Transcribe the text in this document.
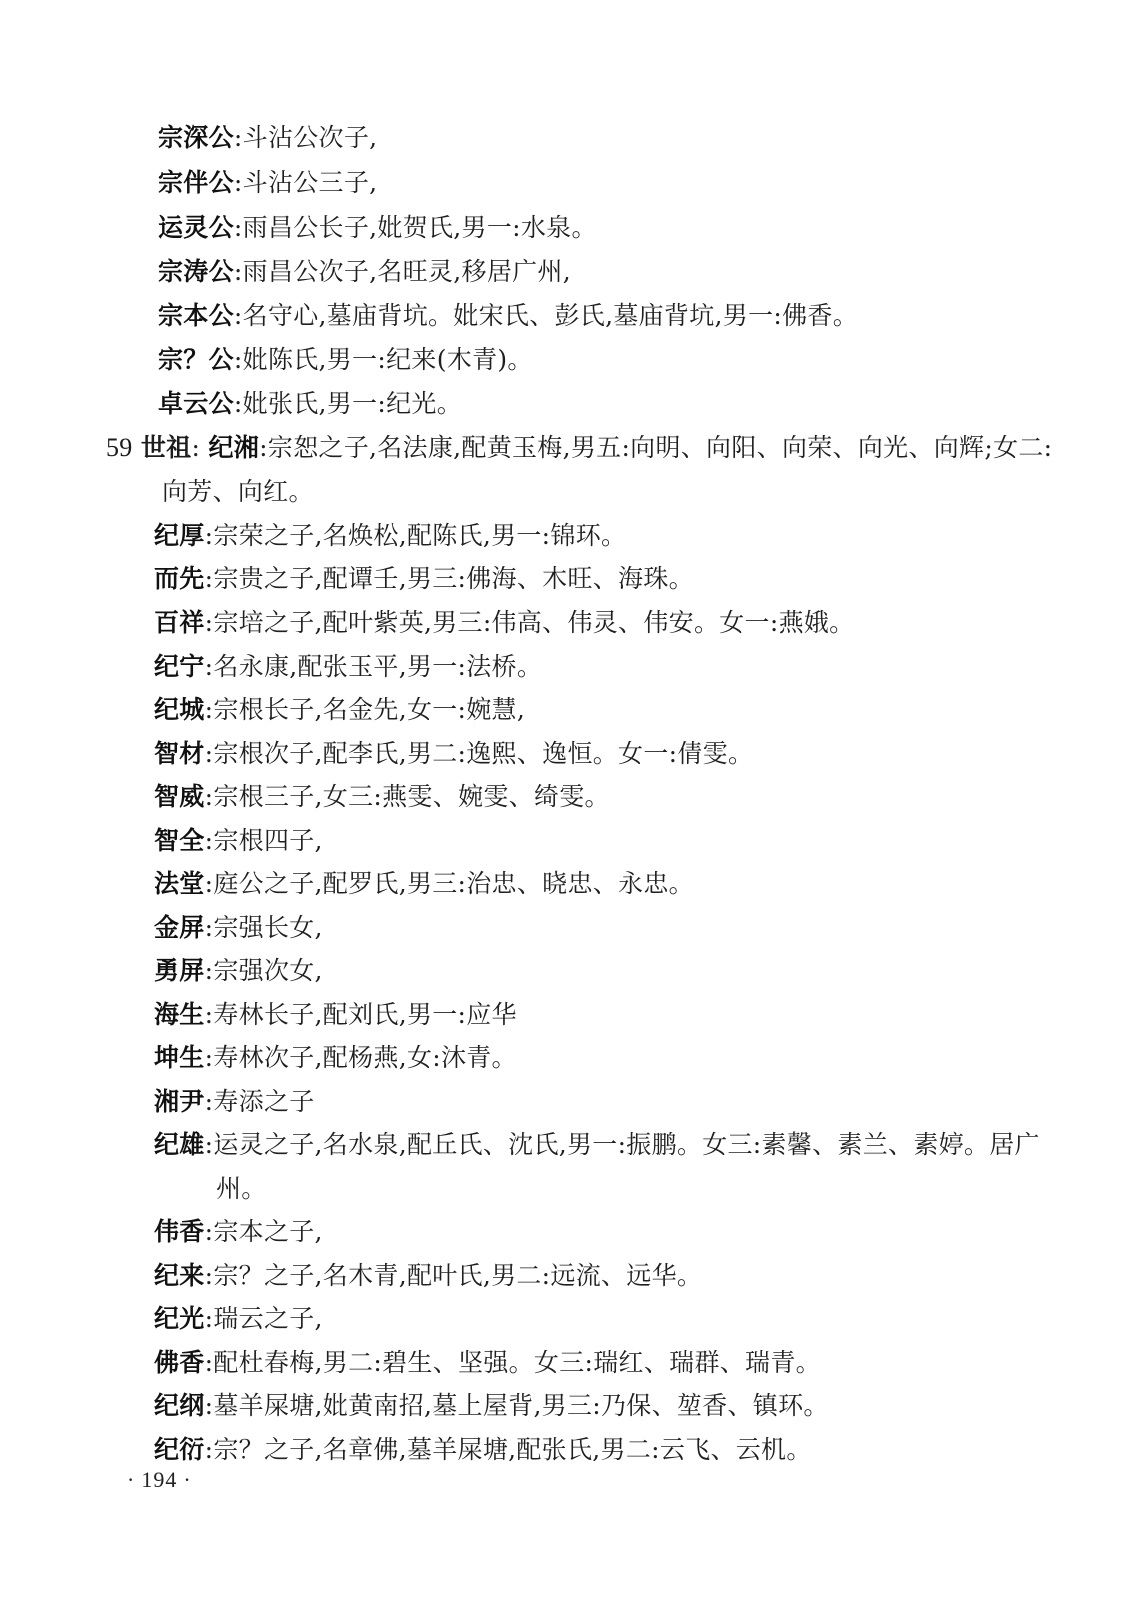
宗深公:斗沾公次子,
宗伴公:斗沾公三子,
运灵公:雨昌公长子,妣贺氏,男一:水泉。
宗涛公:雨昌公次子,名旺灵,移居广州,
宗本公:名守心,墓庙背坑。妣宋氏、彭氏,墓庙背坑,男一:佛香。
宗？公:妣陈氏,男一:纪来(木青)。
卓云公:妣张氏,男一:纪光。
59 世祖: 纪湘:宗恕之子,名法康,配黄玉梅,男五:向明、向阳、向荣、向光、向辉;女二:
向芳、向红。
纪厚:宗荣之子,名焕松,配陈氏,男一:锦环。
而先:宗贵之子,配谭壬,男三:佛海、木旺、海珠。
百祥:宗培之子,配叶紫英,男三:伟高、伟灵、伟安。女一:燕娥。
纪宁:名永康,配张玉平,男一:法桥。
纪城:宗根长子,名金先,女一:婉慧,
智材:宗根次子,配李氏,男二:逸熙、逸恒。女一:倩雯。
智威:宗根三子,女三:燕雯、婉雯、绮雯。
智全:宗根四子,
法堂:庭公之子,配罗氏,男三:治忠、晓忠、永忠。
金屏:宗强长女,
勇屏:宗强次女,
海生:寿林长子,配刘氏,男一:应华
坤生:寿林次子,配杨燕,女:沐青。
湘尹:寿添之子
纪雄:运灵之子,名水泉,配丘氏、沈氏,男一:振鹏。女三:素馨、素兰、素婷。居广
州。
伟香:宗本之子,
纪来:宗？之子,名木青,配叶氏,男二:远流、远华。
纪光:瑞云之子,
佛香:配杜春梅,男二:碧生、坚强。女三:瑞红、瑞群、瑞青。
纪纲:墓羊屎塘,妣黄南招,墓上屋背,男三:乃保、堃香、镇环。
纪衍:宗？之子,名章佛,墓羊屎塘,配张氏,男二:云飞、云机。
· 194 ·
